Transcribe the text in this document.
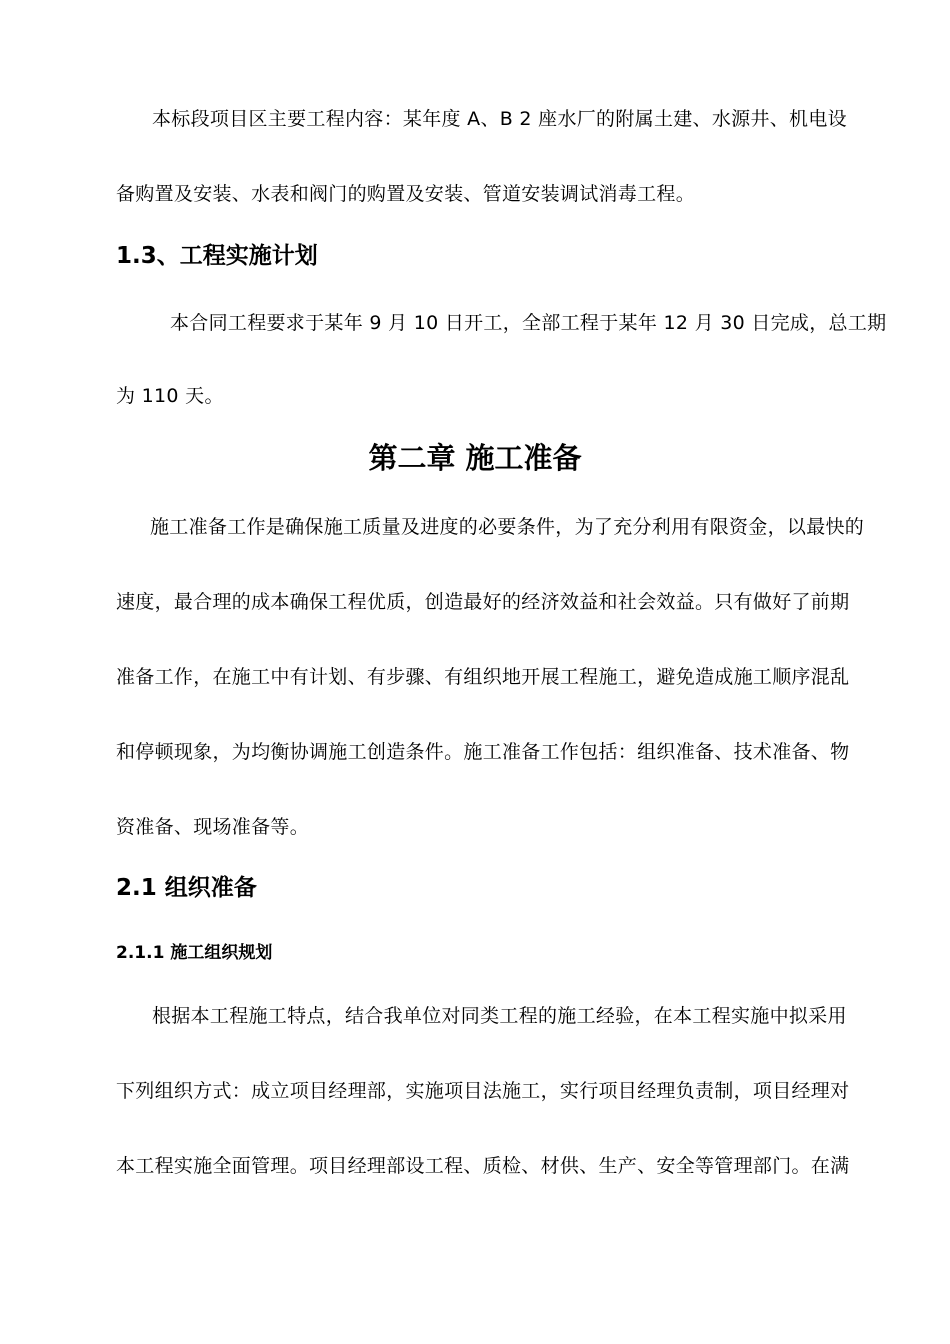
本标段项目区主要工程内容：某年度 A、B 2 座水厂的附属土建、水源井、机电设
备购置及安装、水表和阀门的购置及安装、管道安装调试消毒工程。
1.3、工程实施计划
本合同工程要求于某年 9 月 10 日开工，全部工程于某年 12 月 30 日完成，总工期
为 110 天。
第二章 施工准备
施工准备工作是确保施工质量及进度的必要条件，为了充分利用有限资金，以最快的
速度，最合理的成本确保工程优质，创造最好的经济效益和社会效益。只有做好了前期
准备工作，在施工中有计划、有步骤、有组织地开展工程施工，避免造成施工顺序混乱
和停顿现象，为均衡协调施工创造条件。施工准备工作包括：组织准备、技术准备、物
资准备、现场准备等。
2.1 组织准备
2.1.1 施工组织规划
根据本工程施工特点，结合我单位对同类工程的施工经验，在本工程实施中拟采用
下列组织方式：成立项目经理部，实施项目法施工，实行项目经理负责制，项目经理对
本工程实施全面管理。项目经理部设工程、质检、材供、生产、安全等管理部门。在满
